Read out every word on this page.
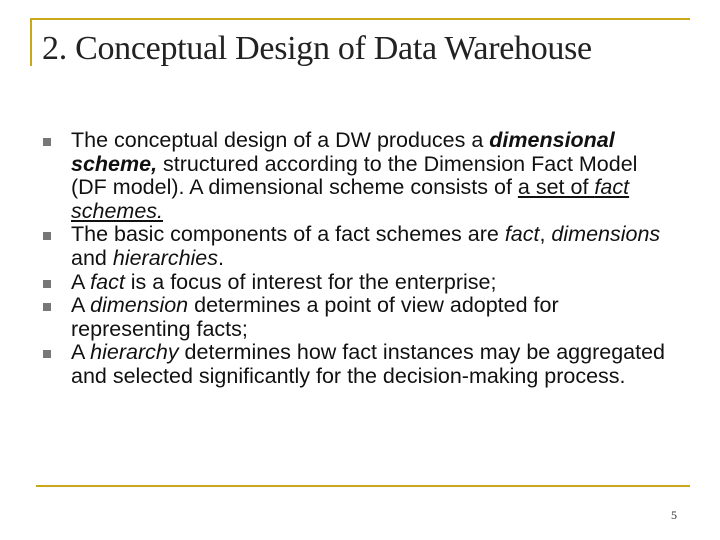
2. Conceptual Design of Data Warehouse
The conceptual design of a DW produces a dimensional scheme, structured according to the Dimension Fact Model (DF model). A dimensional scheme consists of a set of fact schemes.
The basic components of a fact schemes are fact, dimensions and hierarchies.
A fact is a focus of interest for the enterprise;
A dimension determines a point of view adopted for representing facts;
A hierarchy determines how fact instances may be aggregated and selected significantly for the decision-making process.
5
